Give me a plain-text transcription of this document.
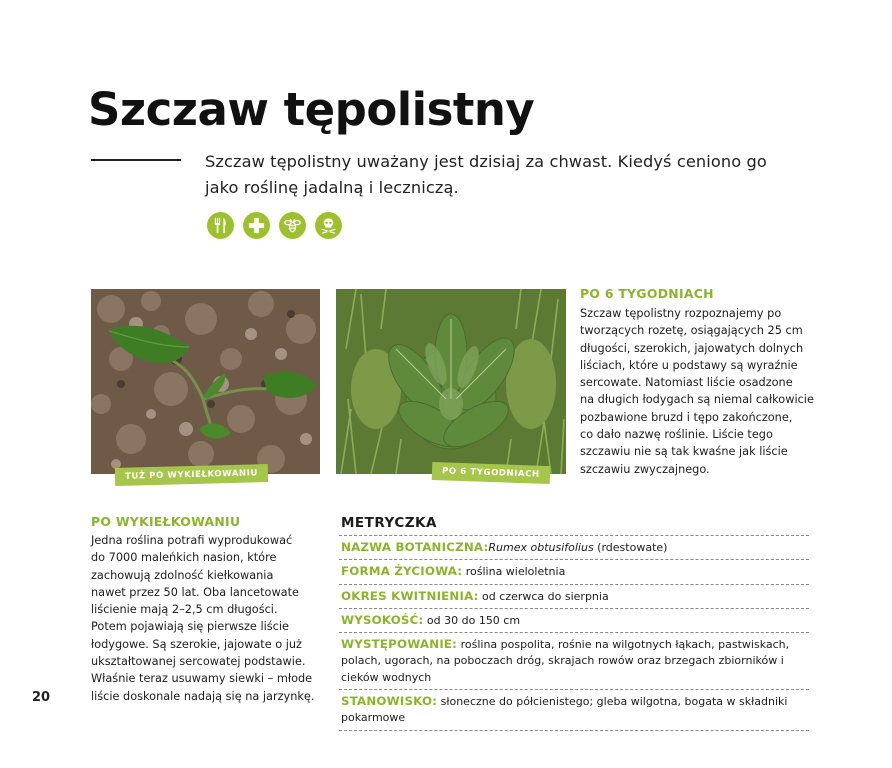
Szczaw tępolistny

Szczaw tępolistny uważany jest dzisiaj za chwast. Kiedyś ceniono go jako roślinę jadalną i leczniczą.

TUŻ PO WYKIEŁKOWANIU	PO 6 TYGODNIACH

PO 6 TYGODNIACH

Szczaw tępolistny rozpoznajemy po

tworzących rozetę, osiągających 25 cm

długości, szerokich, jajowatych dolnych

liściach, które u podstawy są wyraźnie

sercowate. Natomiast liście osadzone

na długich łodygach są niemal całkowicie

pozbawione bruzd i tępo zakończone,

co dało nazwę roślinie. Liście tego

szczawiu nie są tak kwaśne jak liście

szczawiu zwyczajnego.

PO WYKIEŁKOWANIU

Jedna roślina potrafi wyprodukować

do 7000 maleńkich nasion, które

zachowują zdolność kiełkowania

nawet przez 50 lat. Oba lancetowate

liścienie mają 2–2,5 cm długości.

Potem pojawiają się pierwsze liście

łodygowe. Są szerokie, jajowate o już

ukształtowanej sercowatej podstawie.

Właśnie teraz usuwamy siewki – młode

liście doskonale nadają się na jarzynkę.

METRYCZKA

NAZWA BOTANICZNA:Rumex obtusifolius (rdestowate)
FORMA ŻYCIOWA: roślina wieloletnia
OKRES KWITNIENIA: od czerwca do sierpnia
WYSOKOŚĆ: od 30 do 150 cm
WYSTĘPOWANIE: roślina pospolita, rośnie na wilgotnych łąkach, pastwiskach, polach, ugorach, na poboczach dróg, skrajach rowów oraz brzegach zbiorników i cieków wodnych
STANOWISKO: słoneczne do półcienistego; gleba wilgotna, bogata w składniki pokarmowe
20
